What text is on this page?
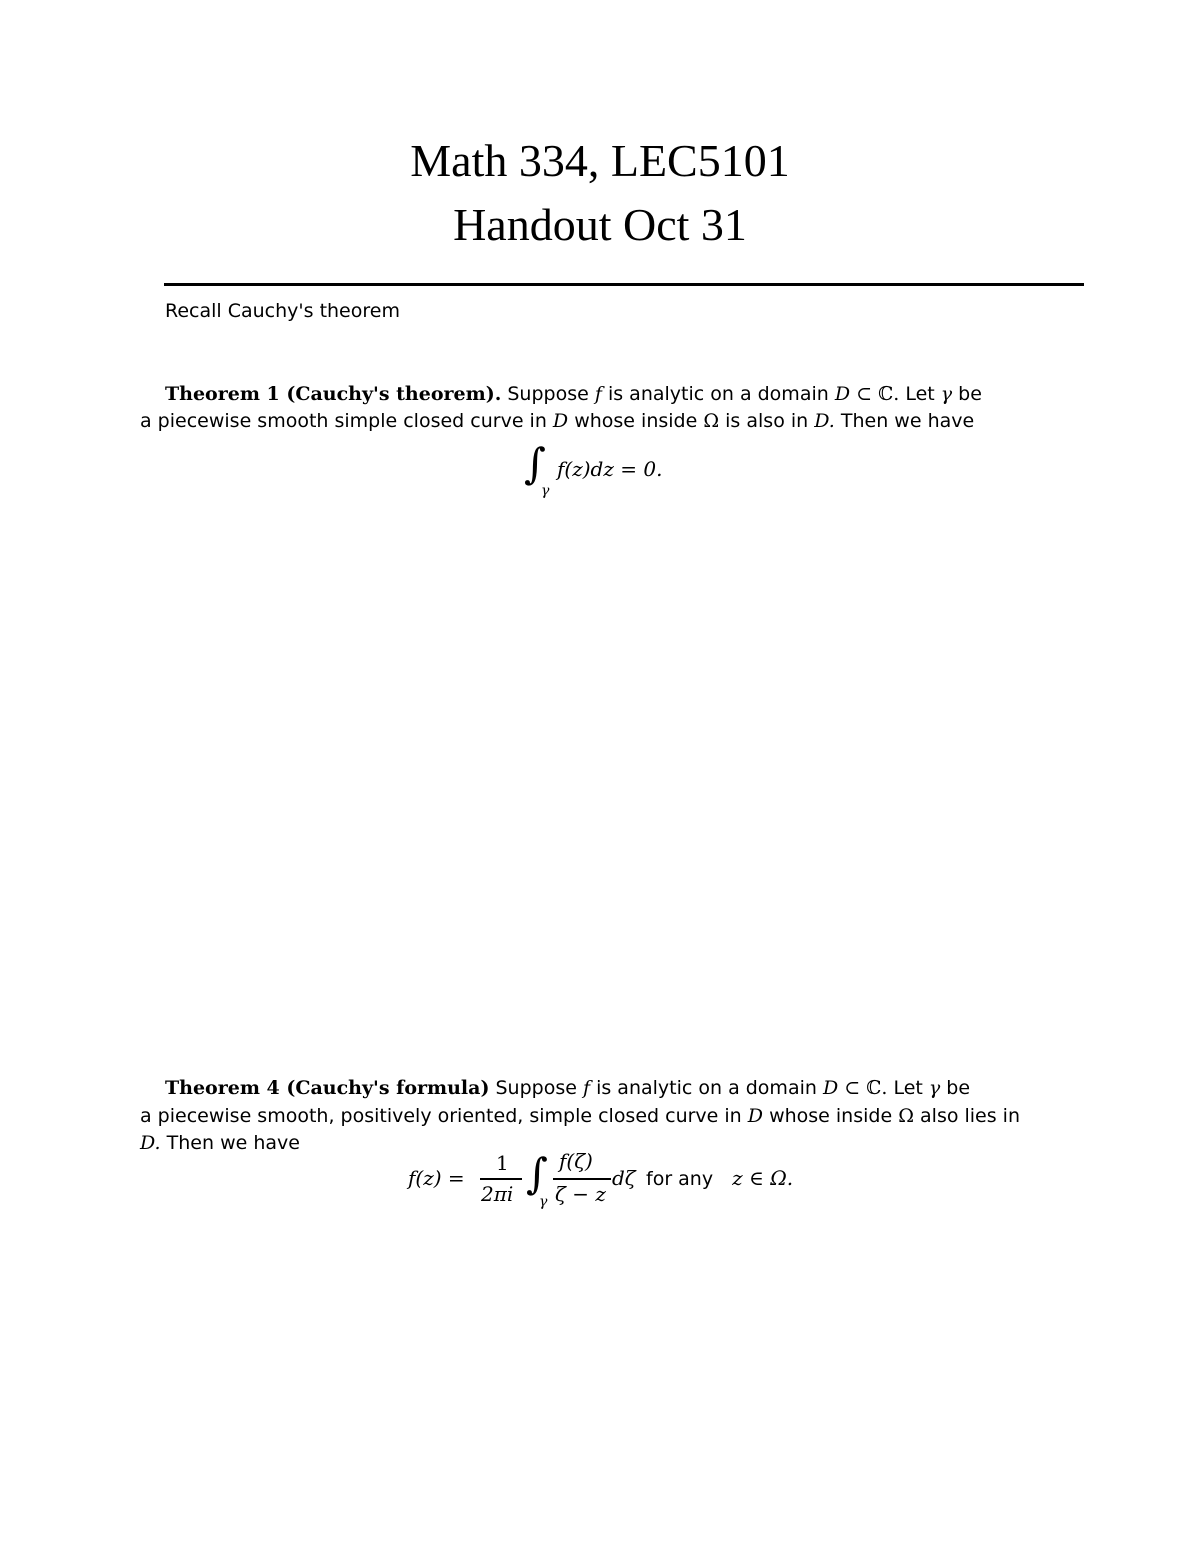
Math 334, LEC5101
Handout Oct 31
Recall Cauchy's theorem
Theorem 1 (Cauchy's theorem). Suppose f is analytic on a domain D ⊂ ℂ. Let γ be
a piecewise smooth simple closed curve in D whose inside Ω is also in D. Then we have
∫
γ
f(z)dz = 0.
Theorem 4 (Cauchy's formula) Suppose f is analytic on a domain D ⊂ ℂ. Let γ be
a piecewise smooth, positively oriented, simple closed curve in D whose inside Ω also lies in
D. Then we have
f(z) =
1
2πi ∫
γ
f(ζ)
ζ − z
dζ for any z ∈ Ω.
